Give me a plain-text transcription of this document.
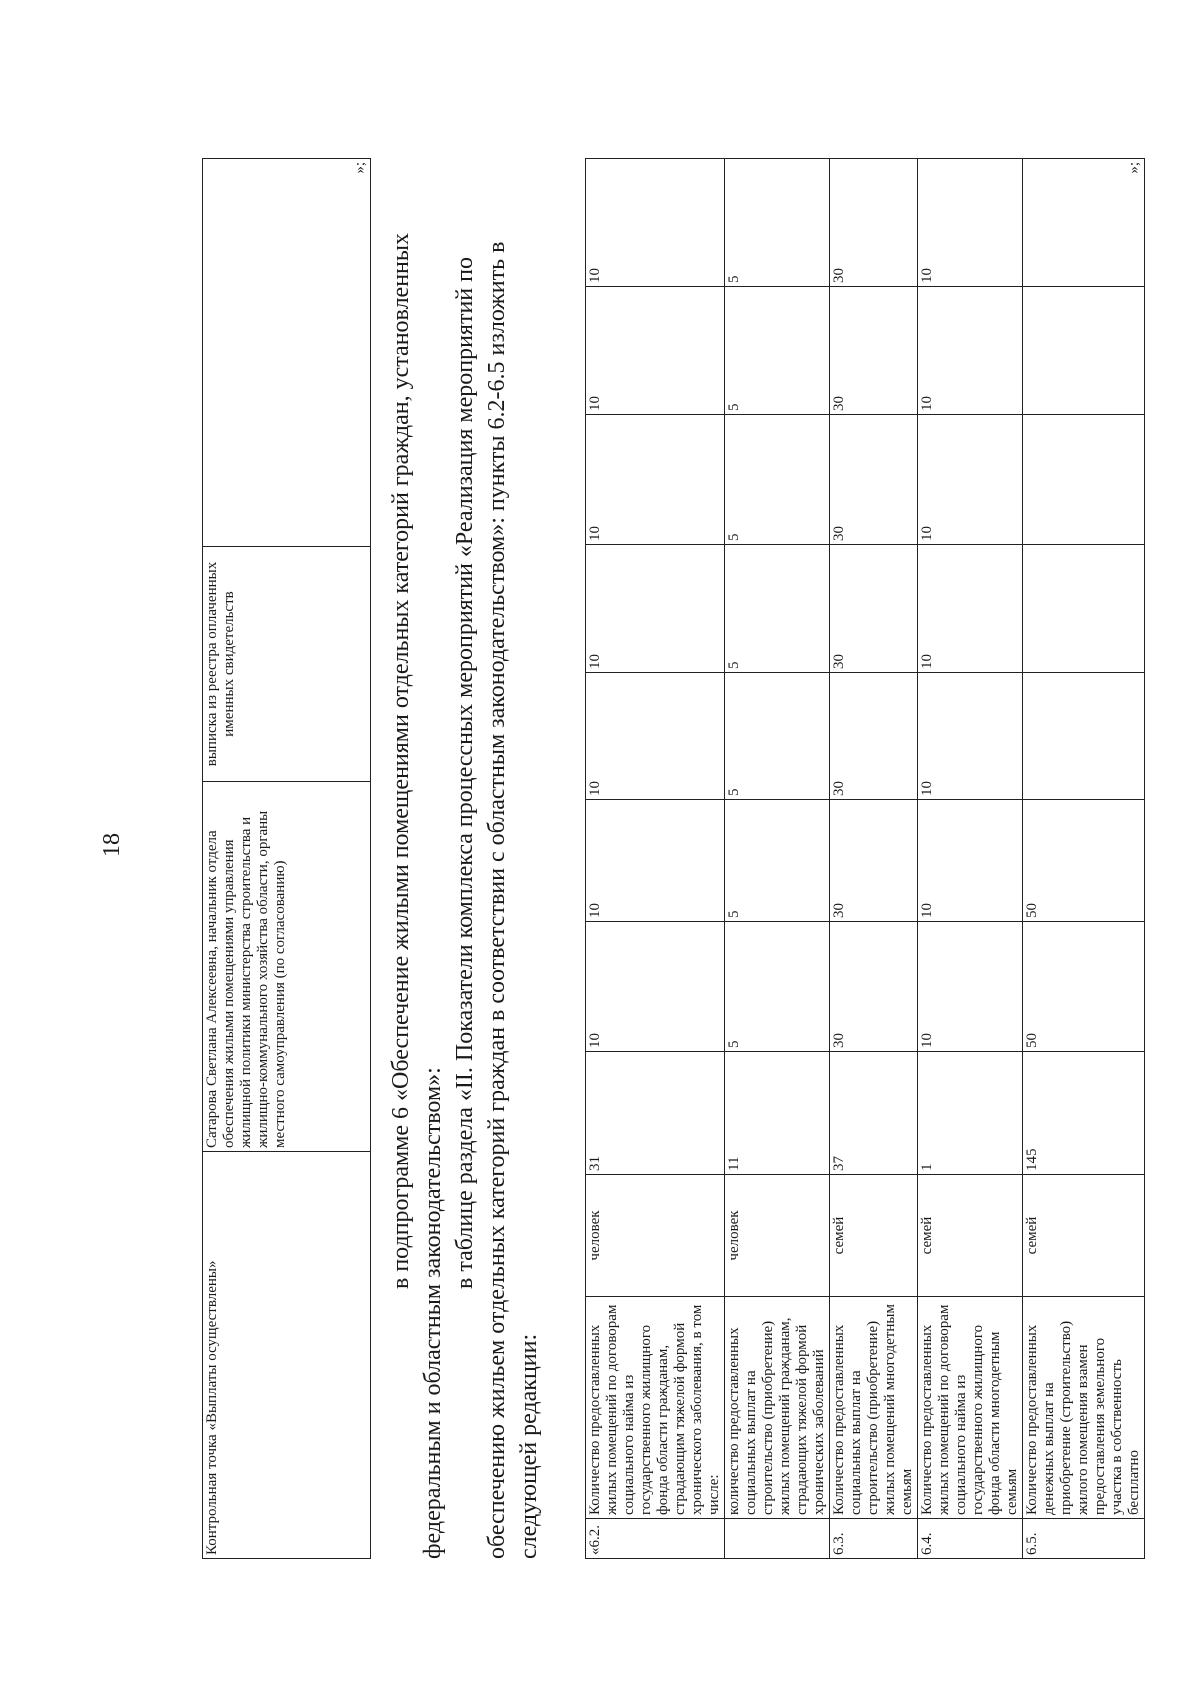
18
Контрольная точка «Выплаты осуществлены»	Сатарова Светлана Алексеевна, начальник отдела обеспечения жилыми помещениями управления жилищной политики министерства строительства и жилищно-коммунального хозяйства области, органы местного самоуправления (по согласованию)	выписка из реестра оплаченных именных свидетельств	»;

в подпрограмме 6 «Обеспечение жилыми помещениями отдельных категорий граждан, установленных федеральным и областным законодательством»:

в таблице раздела «II. Показатели комплекса процессных мероприятий «Реализация мероприятий по обеспечению жильем отдельных категорий граждан в соответствии с областным законодательством»: пункты 6.2-6.5 изложить в следующей редакции:	«6.2.	Количество предоставленных жилых помещений по договорам социального найма из государственного жилищного фонда области гражданам, страдающим тяжелой формой хронического заболевания, в том числе:	человек	31	10	10	10	10	10	10	10
	количество предоставленных социальных выплат на строительство (приобретение) жилых помещений гражданам, страдающих тяжелой формой хронических заболеваний	человек	11	5	5	5	5	5	5	5
6.3.	Количество предоставленных социальных выплат на строительство (приобретение) жилых помещений многодетным семьям	семей	37	30	30	30	30	30	30	30
6.4.	Количество предоставленных жилых помещений по договорам социального найма из государственного жилищного фонда области многодетным семьям	семей	1	10	10	10	10	10	10	10
6.5.	Количество предоставленных денежных выплат на приобретение (строительство) жилого помещения взамен предоставления земельного участка в собственность бесплатно	семей	145	50	50					»;
